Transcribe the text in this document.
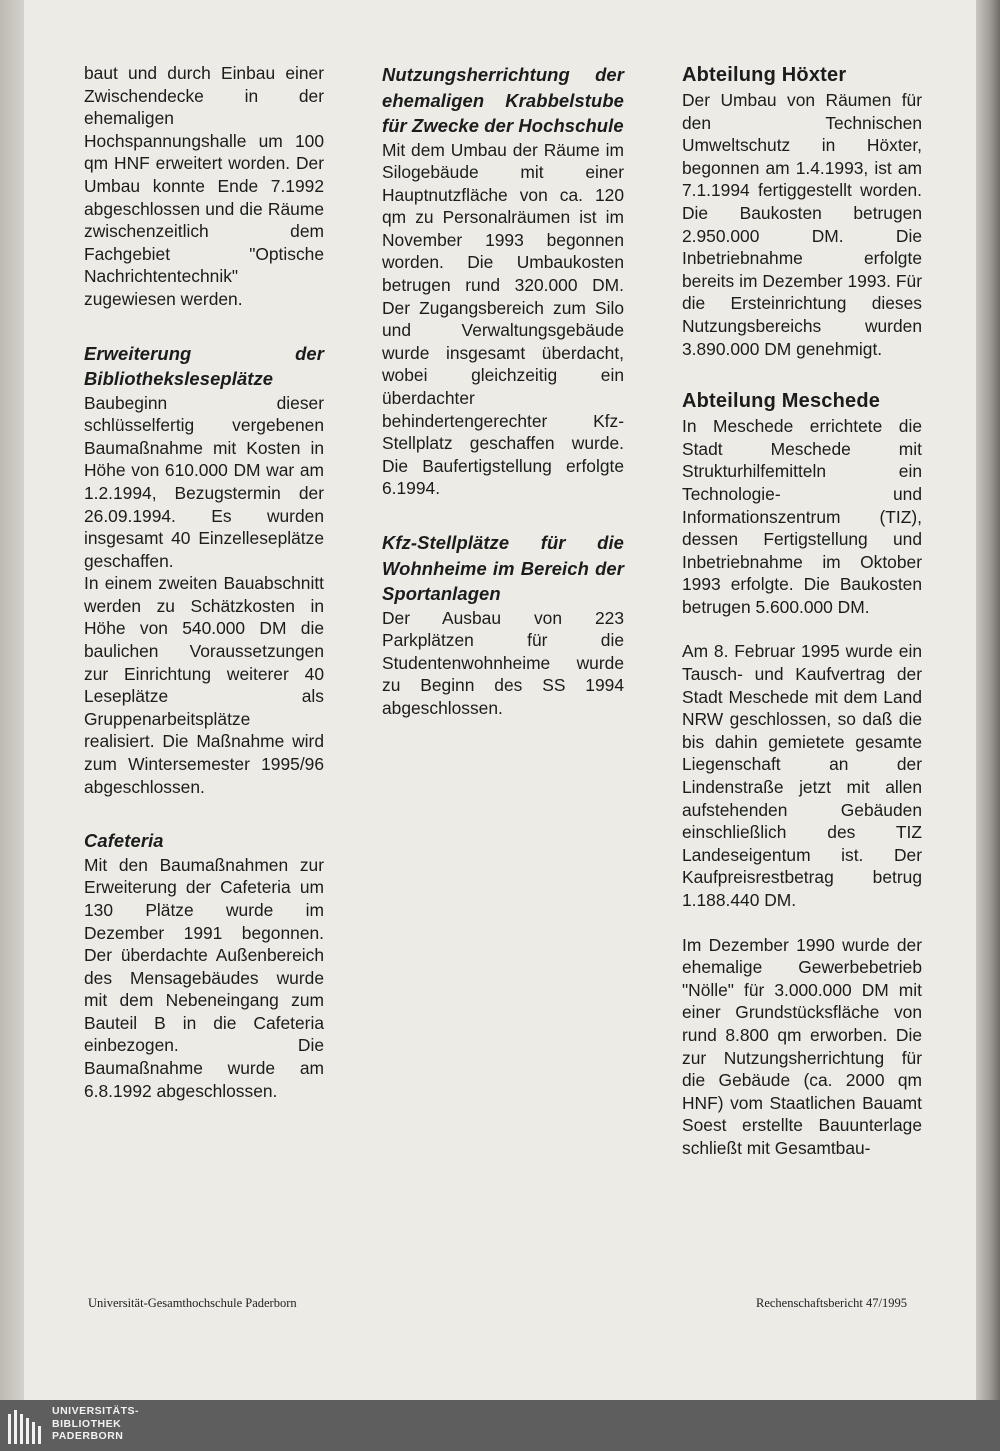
baut und durch Einbau einer Zwischendecke in der ehemaligen Hochspannungshalle um 100 qm HNF erweitert worden. Der Umbau konnte Ende 7.1992 abgeschlossen und die Räume zwischenzeitlich dem Fachgebiet "Optische Nachrichtentechnik" zugewiesen werden.

Erweiterung der Bibliotheksleseplätze

Baubeginn dieser schlüsselfertig vergebenen Baumaßnahme mit Kosten in Höhe von 610.000 DM war am 1.2.1994, Bezugstermin der 26.09.1994. Es wurden insgesamt 40 Einzelleseplätze geschaffen.

In einem zweiten Bauabschnitt werden zu Schätzkosten in Höhe von 540.000 DM die baulichen Voraussetzungen zur Einrichtung weiterer 40 Leseplätze als Gruppenarbeitsplätze realisiert. Die Maßnahme wird zum Wintersemester 1995/96 abgeschlossen.

Cafeteria

Mit den Baumaßnahmen zur Erweiterung der Cafeteria um 130 Plätze wurde im Dezember 1991 begonnen. Der überdachte Außenbereich des Mensagebäudes wurde mit dem Nebeneingang zum Bauteil B in die Cafeteria einbezogen. Die Baumaßnahme wurde am 6.8.1992 abgeschlossen.

Nutzungsherrichtung der ehemaligen Krabbelstube für Zwecke der Hochschule

Mit dem Umbau der Räume im Silogebäude mit einer Hauptnutzfläche von ca. 120 qm zu Personalräumen ist im November 1993 begonnen worden. Die Umbaukosten betrugen rund 320.000 DM. Der Zugangsbereich zum Silo und Verwaltungsgebäude wurde insgesamt überdacht, wobei gleichzeitig ein überdachter behindertengerechter Kfz-Stellplatz geschaffen wurde. Die Baufertigstellung erfolgte 6.1994.

Kfz-Stellplätze für die Wohnheime im Bereich der Sportanlagen

Der Ausbau von 223 Parkplätzen für die Studentenwohnheime wurde zu Beginn des SS 1994 abgeschlossen.

Abteilung Höxter

Der Umbau von Räumen für den Technischen Umweltschutz in Höxter, begonnen am 1.4.1993, ist am 7.1.1994 fertiggestellt worden. Die Baukosten betrugen 2.950.000 DM. Die Inbetriebnahme erfolgte bereits im Dezember 1993. Für die Ersteinrichtung dieses Nutzungsbereichs wurden 3.890.000 DM genehmigt.

Abteilung Meschede

In Meschede errichtete die Stadt Meschede mit Strukturhilfemitteln ein Technologie- und Informationszentrum (TIZ), dessen Fertigstellung und Inbetriebnahme im Oktober 1993 erfolgte. Die Baukosten betrugen 5.600.000 DM.

Am 8. Februar 1995 wurde ein Tausch- und Kaufvertrag der Stadt Meschede mit dem Land NRW geschlossen, so daß die bis dahin gemietete gesamte Liegenschaft an der Lindenstraße jetzt mit allen aufstehenden Gebäuden einschließlich des TIZ Landeseigentum ist. Der Kaufpreisrestbetrag betrug 1.188.440 DM.

Im Dezember 1990 wurde der ehemalige Gewerbebetrieb "Nölle" für 3.000.000 DM mit einer Grundstücksfläche von rund 8.800 qm erworben. Die zur Nutzungsherrichtung für die Gebäude (ca. 2000 qm HNF) vom Staatlichen Bauamt Soest erstellte Bauunterlage schließt mit Gesamtbau-

Universität-Gesamthochschule Paderborn	Rechenschaftsbericht 47/1995
UNIVERSITÄTS-
BIBLIOTHEK
PADERBORN
